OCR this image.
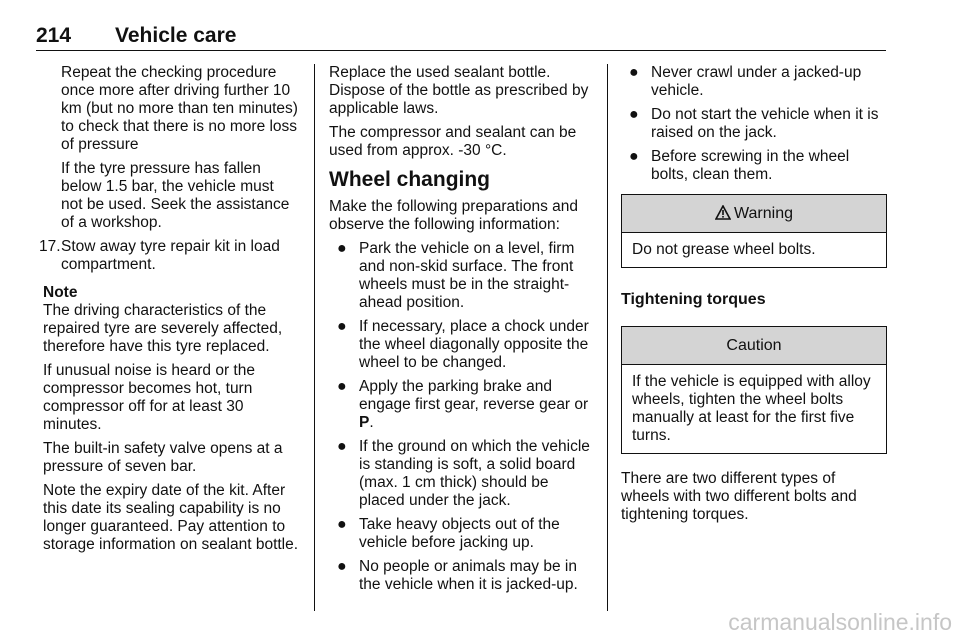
214 Vehicle care

Repeat the checking procedure once more after driving further 10 km (but no more than ten minutes) to check that there is no more loss of pressure

If the tyre pressure has fallen below 1.5 bar, the vehicle must not be used. Seek the assistance of a workshop.

17. Stow away tyre repair kit in load compartment.

Note

The driving characteristics of the repaired tyre are severely affected, therefore have this tyre replaced.

If unusual noise is heard or the compressor becomes hot, turn compressor off for at least 30 minutes.

The built-in safety valve opens at a pressure of seven bar.

Note the expiry date of the kit. After this date its sealing capability is no longer guaranteed. Pay attention to storage information on sealant bottle.

Replace the used sealant bottle. Dispose of the bottle as prescribed by applicable laws.

The compressor and sealant can be used from approx. -30 °C.

Wheel changing

Make the following preparations and observe the following information:

● Park the vehicle on a level, firm and non-skid surface. The front wheels must be in the straight-ahead position.
● If necessary, place a chock under the wheel diagonally opposite the wheel to be changed.
● Apply the parking brake and engage first gear, reverse gear or P.
● If the ground on which the vehicle is standing is soft, a solid board (max. 1 cm thick) should be placed under the jack.
● Take heavy objects out of the vehicle before jacking up.
● No people or animals may be in the vehicle when it is jacked-up.
● Never crawl under a jacked-up vehicle.
● Do not start the vehicle when it is raised on the jack.
● Before screwing in the wheel bolts, clean them.
Warning
Do not grease wheel bolts.
Tightening torques
Caution
If the vehicle is equipped with alloy wheels, tighten the wheel bolts manually at least for the first five turns.

There are two different types of wheels with two different bolts and tightening torques.

carmanualsonline.info
